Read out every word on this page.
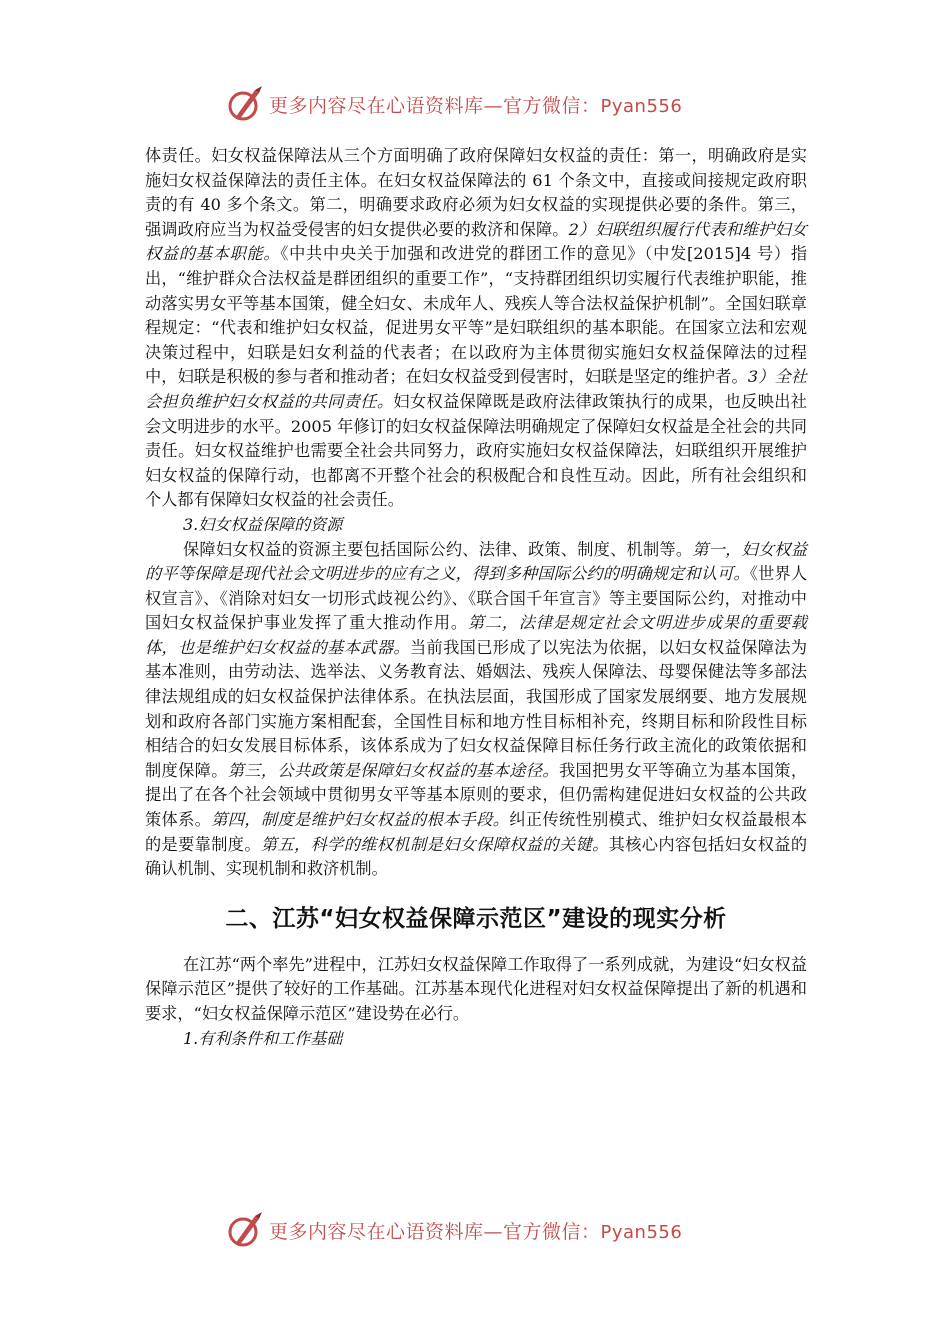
更多内容尽在心语资料库—官方微信：Pyan556

体责任。妇女权益保障法从三个方面明确了政府保障妇女权益的责任：第一，明确政府是实施妇女权益保障法的责任主体。在妇女权益保障法的 61 个条文中，直接或间接规定政府职责的有 40 多个条文。第二，明确要求政府必须为妇女权益的实现提供必要的条件。第三，强调政府应当为权益受侵害的妇女提供必要的救济和保障。2）妇联组织履行代表和维护妇女权益的基本职能。《中共中央关于加强和改进党的群团工作的意见》（中发[2015]4 号）指出，“维护群众合法权益是群团组织的重要工作”，“支持群团组织切实履行代表维护职能，推动落实男女平等基本国策，健全妇女、未成年人、残疾人等合法权益保护机制”。全国妇联章程规定：“代表和维护妇女权益，促进男女平等”是妇联组织的基本职能。在国家立法和宏观决策过程中，妇联是妇女利益的代表者；在以政府为主体贯彻实施妇女权益保障法的过程中，妇联是积极的参与者和推动者；在妇女权益受到侵害时，妇联是坚定的维护者。3）全社会担负维护妇女权益的共同责任。妇女权益保障既是政府法律政策执行的成果，也反映出社会文明进步的水平。2005 年修订的妇女权益保障法明确规定了保障妇女权益是全社会的共同责任。妇女权益维护也需要全社会共同努力，政府实施妇女权益保障法，妇联组织开展维护妇女权益的保障行动，也都离不开整个社会的积极配合和良性互动。因此，所有社会组织和个人都有保障妇女权益的社会责任。

3.妇女权益保障的资源

保障妇女权益的资源主要包括国际公约、法律、政策、制度、机制等。第一，妇女权益的平等保障是现代社会文明进步的应有之义，得到多种国际公约的明确规定和认可。《世界人权宣言》、《消除对妇女一切形式歧视公约》、《联合国千年宣言》等主要国际公约，对推动中国妇女权益保护事业发挥了重大推动作用。第二，法律是规定社会文明进步成果的重要载体，也是维护妇女权益的基本武器。当前我国已形成了以宪法为依据，以妇女权益保障法为基本准则，由劳动法、选举法、义务教育法、婚姻法、残疾人保障法、母婴保健法等多部法律法规组成的妇女权益保护法律体系。在执法层面，我国形成了国家发展纲要、地方发展规划和政府各部门实施方案相配套，全国性目标和地方性目标相补充，终期目标和阶段性目标相结合的妇女发展目标体系，该体系成为了妇女权益保障目标任务行政主流化的政策依据和制度保障。第三，公共政策是保障妇女权益的基本途径。我国把男女平等确立为基本国策，提出了在各个社会领域中贯彻男女平等基本原则的要求，但仍需构建促进妇女权益的公共政策体系。第四，制度是维护妇女权益的根本手段。纠正传统性别模式、维护妇女权益最根本的是要靠制度。第五，科学的维权机制是妇女保障权益的关键。其核心内容包括妇女权益的确认机制、实现机制和救济机制。

二、江苏“妇女权益保障示范区”建设的现实分析

在江苏“两个率先”进程中，江苏妇女权益保障工作取得了一系列成就，为建设“妇女权益保障示范区”提供了较好的工作基础。江苏基本现代化进程对妇女权益保障提出了新的机遇和要求，“妇女权益保障示范区”建设势在必行。

1.有利条件和工作基础

更多内容尽在心语资料库—官方微信：Pyan556
